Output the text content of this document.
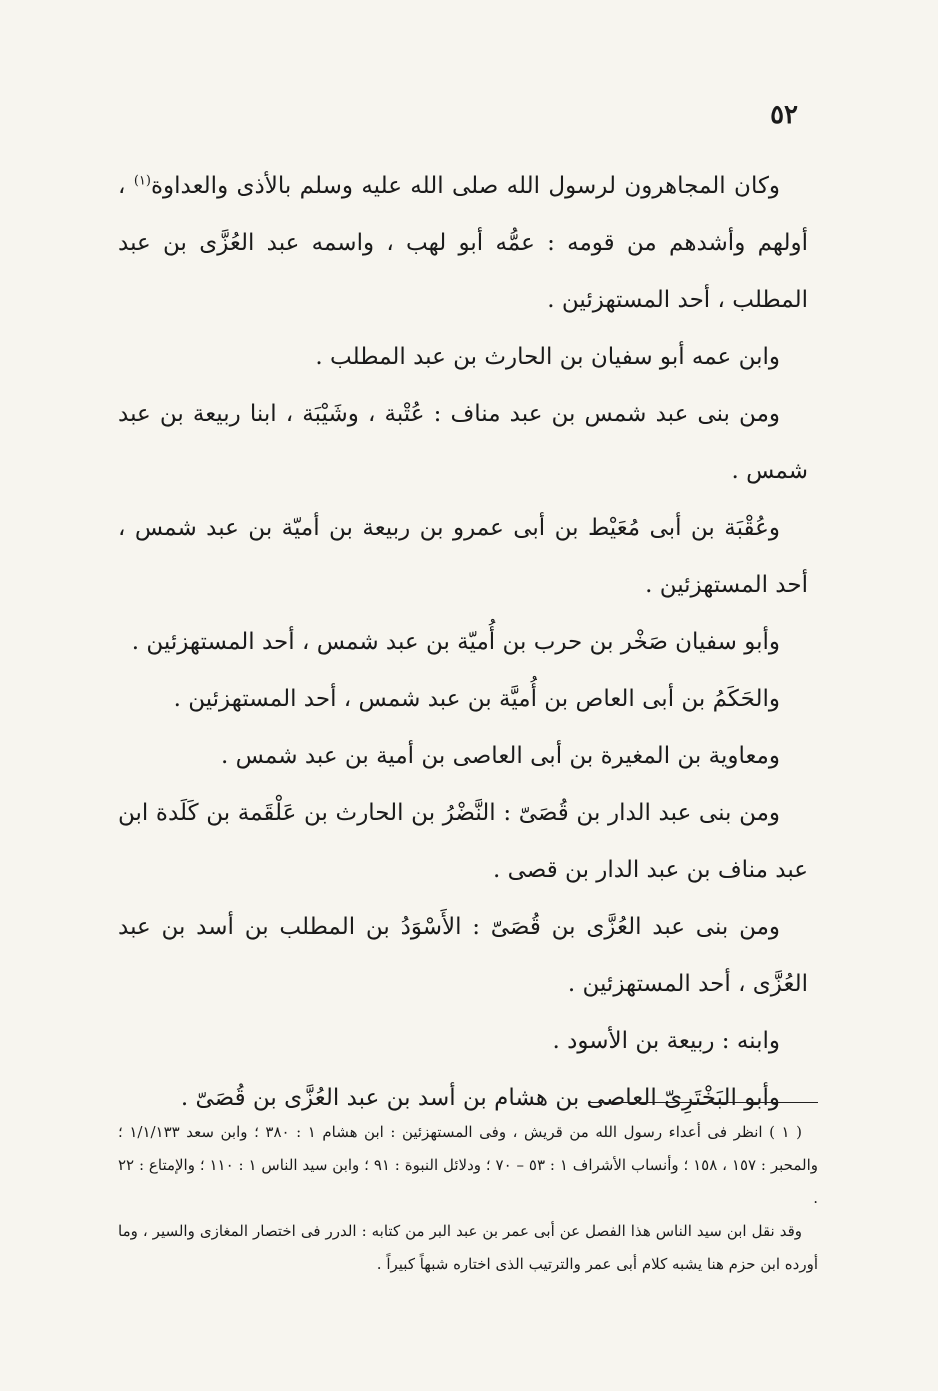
٥٢

وكان المجاهرون لرسول الله صلى الله عليه وسلم بالأذى والعداوة$^{(١)}$ ، أولهم وأشدهم من قومه : عمُّه أبو لهب ، واسمه عبد العُزَّى بن عبد المطلب ، أحد المستهزئين .

وابن عمه أبو سفيان بن الحارث بن عبد المطلب .

ومن بنى عبد شمس بن عبد مناف : عُتْبة ، وشَيْبَة ، ابنا ربيعة بن عبد شمس .

وعُقْبَة بن أبى مُعَيْط بن أبى عمرو بن ربيعة بن أميّة بن عبد شمس ، أحد المستهزئين .

وأبو سفيان صَخْر بن حرب بن أُميّة بن عبد شمس ، أحد المستهزئين .

والحَكَمُ بن أبى العاص بن أُميَّة بن عبد شمس ، أحد المستهزئين .

ومعاوية بن المغيرة بن أبى العاصى بن أمية بن عبد شمس .

ومن بنى عبد الدار بن قُصَىّ : النَّضْرُ بن الحارث بن عَلْقَمة بن كَلَدة ابن عبد مناف بن عبد الدار بن قصى .

ومن بنى عبد العُزَّى بن قُصَىّ : الأَسْوَدُ بن المطلب بن أسد بن عبد العُزَّى ، أحد المستهزئين .

وابنه : ربيعة بن الأسود .

وأبو البَخْتَرِىّ العاصى بن هشام بن أسد بن عبد العُزَّى بن قُصَىّ .

( ١ ) انظر فى أعداء رسول الله من قريش ، وفى المستهزئين : ابن هشام ١ : ٣٨٠ ؛ وابن سعد ١/١/١٣٣ ؛ والمحبر : ١٥٧ ، ١٥٨ ؛ وأنساب الأشراف ١ : ٥٣ – ٧٠ ؛ ودلائل النبوة : ٩١ ؛ وابن سيد الناس ١ : ١١٠ ؛ والإمتاع : ٢٢ .

وقد نقل ابن سيد الناس هذا الفصل عن أبى عمر بن عبد البر من كتابه : الدرر فى اختصار المغازى والسير ، وما أورده ابن حزم هنا يشبه كلام أبى عمر والترتيب الذى اختاره شبهاً كبيراً .
